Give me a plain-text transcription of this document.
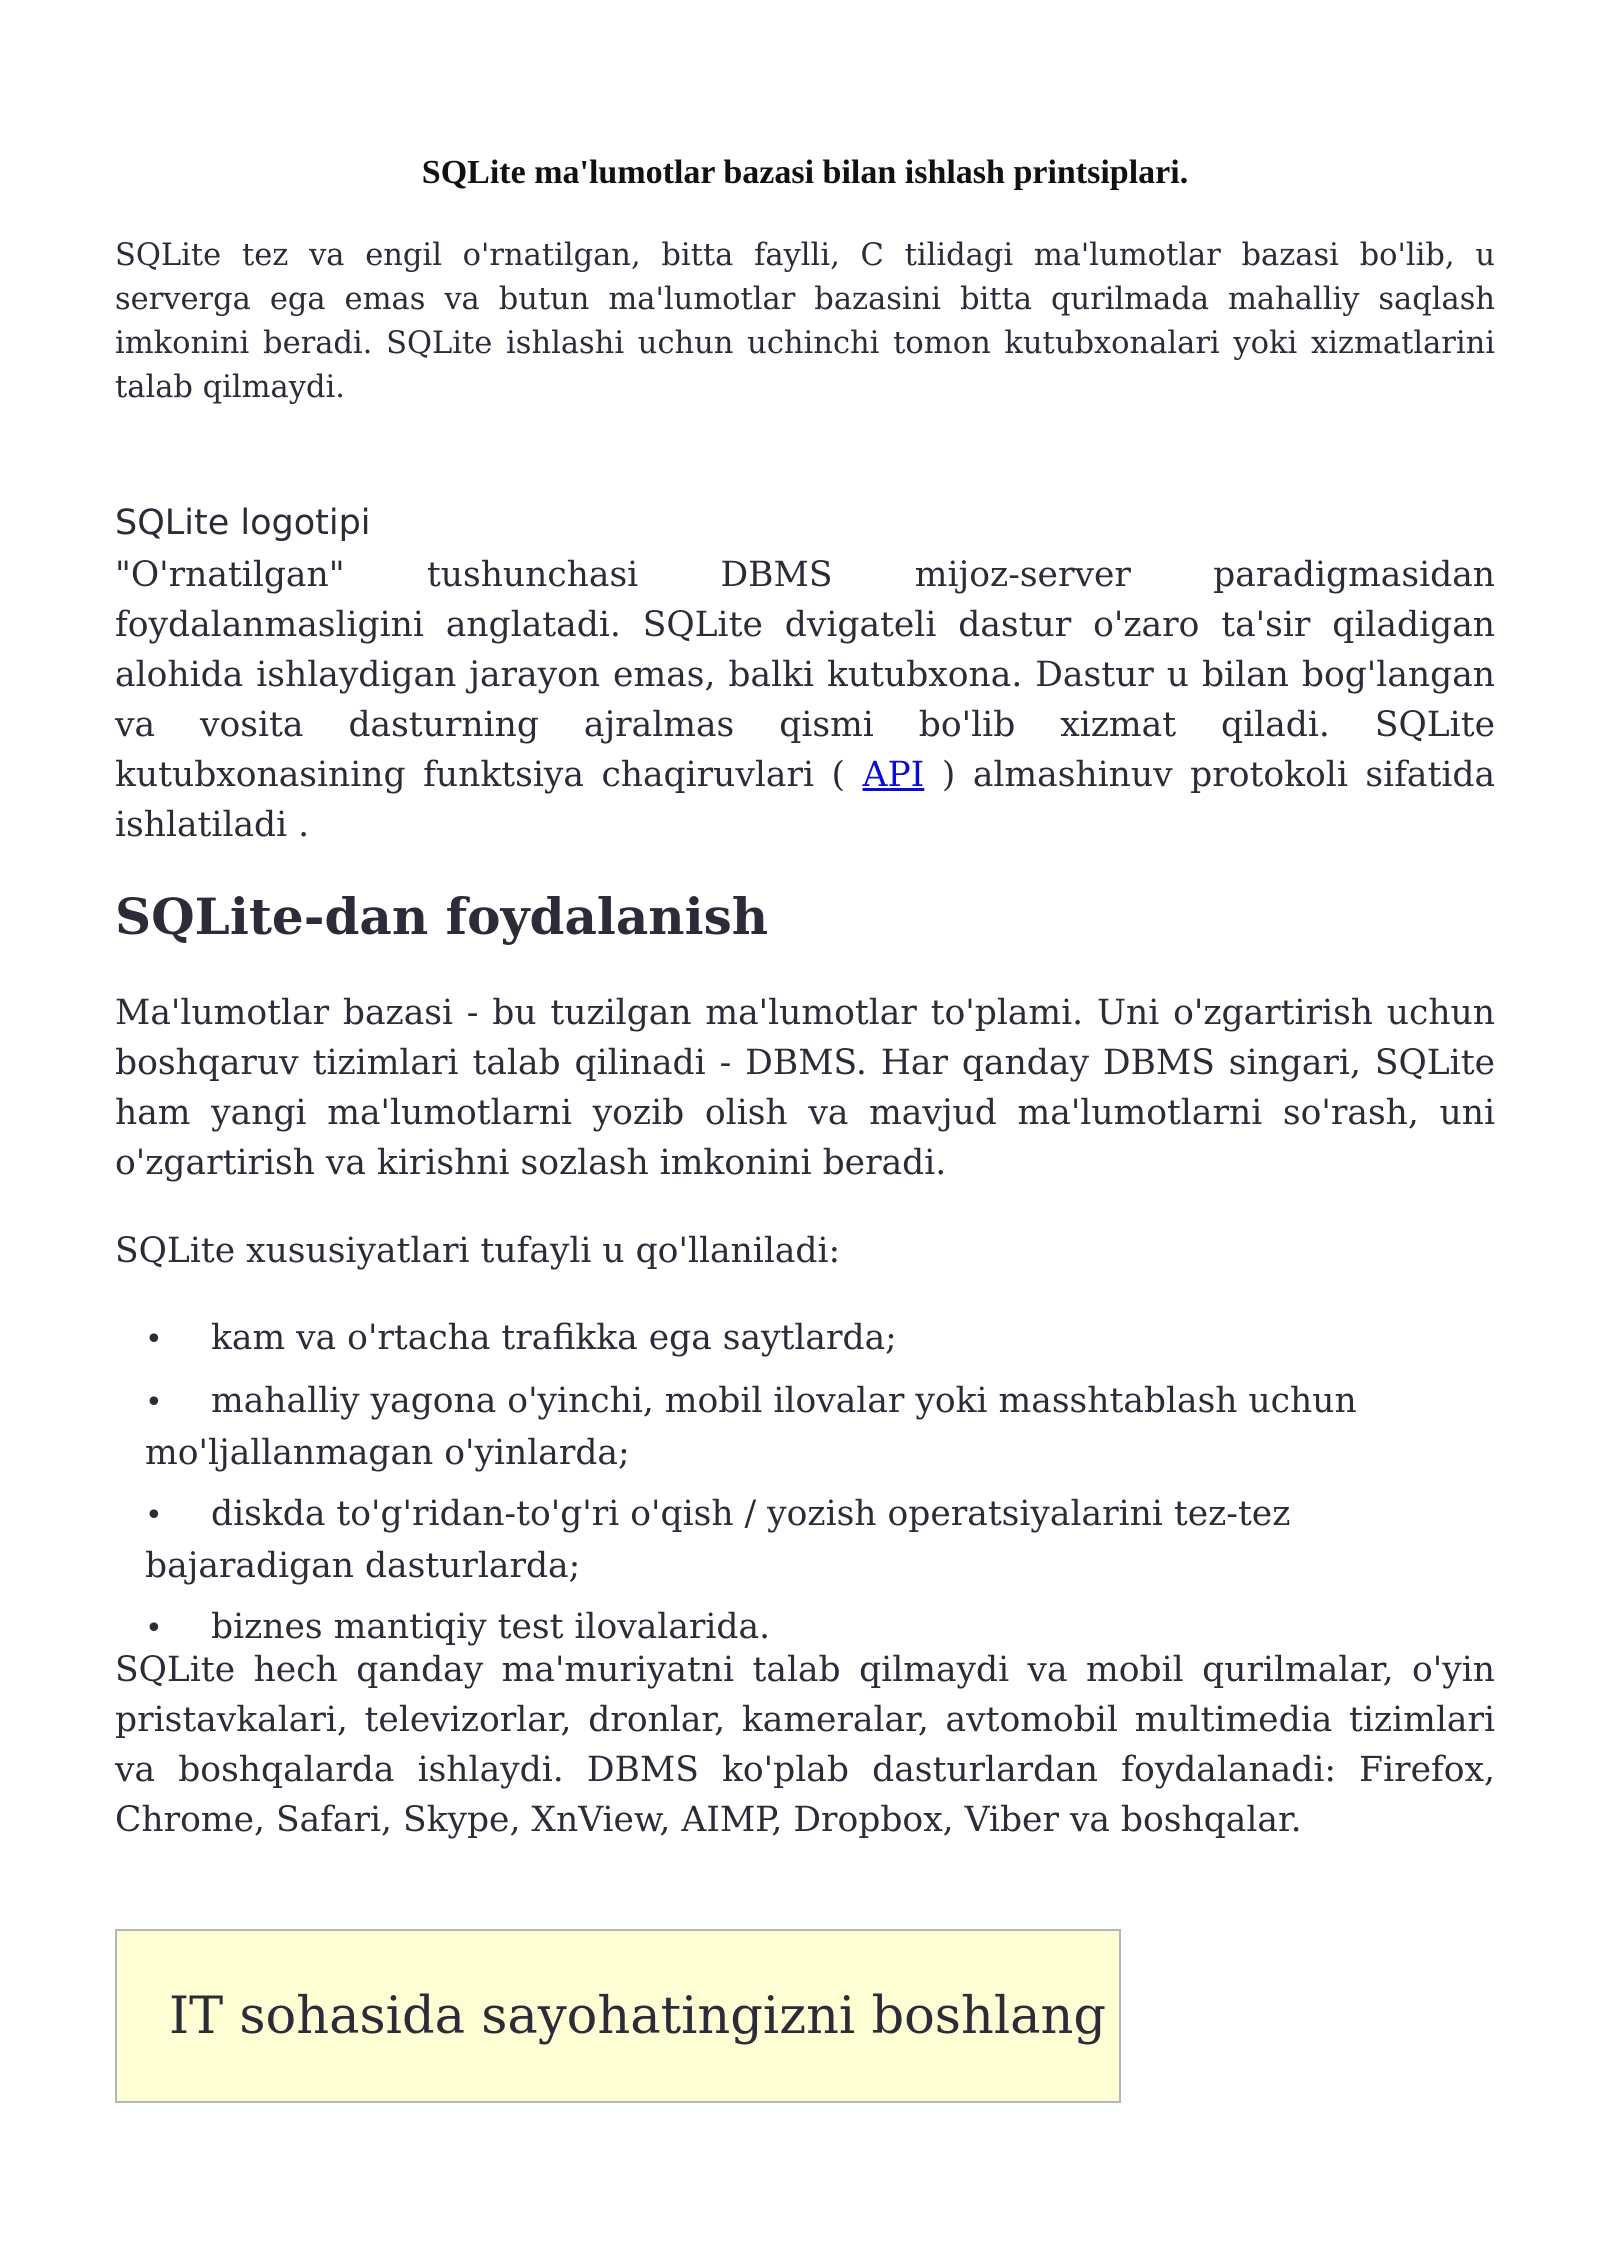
SQLite ma'lumotlar bazasi bilan ishlash printsiplari.

SQLite tez va engil o'rnatilgan, bitta faylli, C tilidagi ma'lumotlar bazasi bo'lib, u serverga ega emas va butun ma'lumotlar bazasini bitta qurilmada mahalliy saqlash imkonini beradi. SQLite ishlashi uchun uchinchi tomon kutubxonalari yoki xizmatlarini talab qilmaydi.

SQLite logotipi

"O'rnatilgan" tushunchasi DBMS mijoz-server paradigmasidan foydalanmasligini anglatadi. SQLite dvigateli dastur o'zaro ta'sir qiladigan alohida ishlaydigan jarayon emas, balki kutubxona. Dastur u bilan bog'langan va vosita dasturning ajralmas qismi bo'lib xizmat qiladi. SQLite kutubxonasining funktsiya chaqiruvlari ( API ) almashinuv protokoli sifatida ishlatiladi .

SQLite-dan foydalanish

Ma'lumotlar bazasi - bu tuzilgan ma'lumotlar to'plami. Uni o'zgartirish uchun boshqaruv tizimlari talab qilinadi - DBMS. Har qanday DBMS singari, SQLite ham yangi ma'lumotlarni yozib olish va mavjud ma'lumotlarni so'rash, uni o'zgartirish va kirishni sozlash imkonini beradi.

SQLite xususiyatlari tufayli u qo'llaniladi:

• kam va o'rtacha trafikka ega saytlarda;
• mahalliy yagona o'yinchi, mobil ilovalar yoki masshtablash uchun
mo'ljallanmagan o'yinlarda;
• diskda to'g'ridan-to'g'ri o'qish / yozish operatsiyalarini tez-tez
bajaradigan dasturlarda;
• biznes mantiqiy test ilovalarida.

SQLite hech qanday ma'muriyatni talab qilmaydi va mobil qurilmalar, o'yin pristavkalari, televizorlar, dronlar, kameralar, avtomobil multimedia tizimlari va boshqalarda ishlaydi. DBMS ko'plab dasturlardan foydalanadi: Firefox, Chrome, Safari, Skype, XnView, AIMP, Dropbox, Viber va boshqalar.

IT sohasida sayohatingizni boshlang
